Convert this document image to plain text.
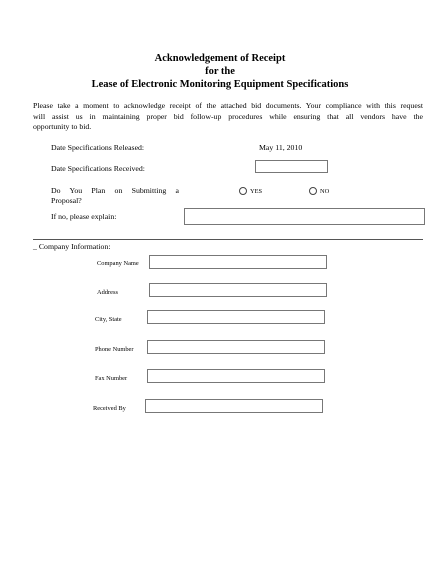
Acknowledgement of Receipt
for the
Lease of Electronic Monitoring Equipment Specifications
Please take a moment to acknowledge receipt of the attached bid documents. Your compliance with this request
will assist us in maintaining proper bid follow-up procedures while ensuring that all vendors have the
opportunity to bid.
Date Specifications Released:	May 11, 2010
Date Specifications Received:
Do You Plan on Submitting a
Proposal?
YES	NO
If no, please explain:
_ Company Information:
Company Name
Address
City, State
Phone Number
Fax Number
Received By
